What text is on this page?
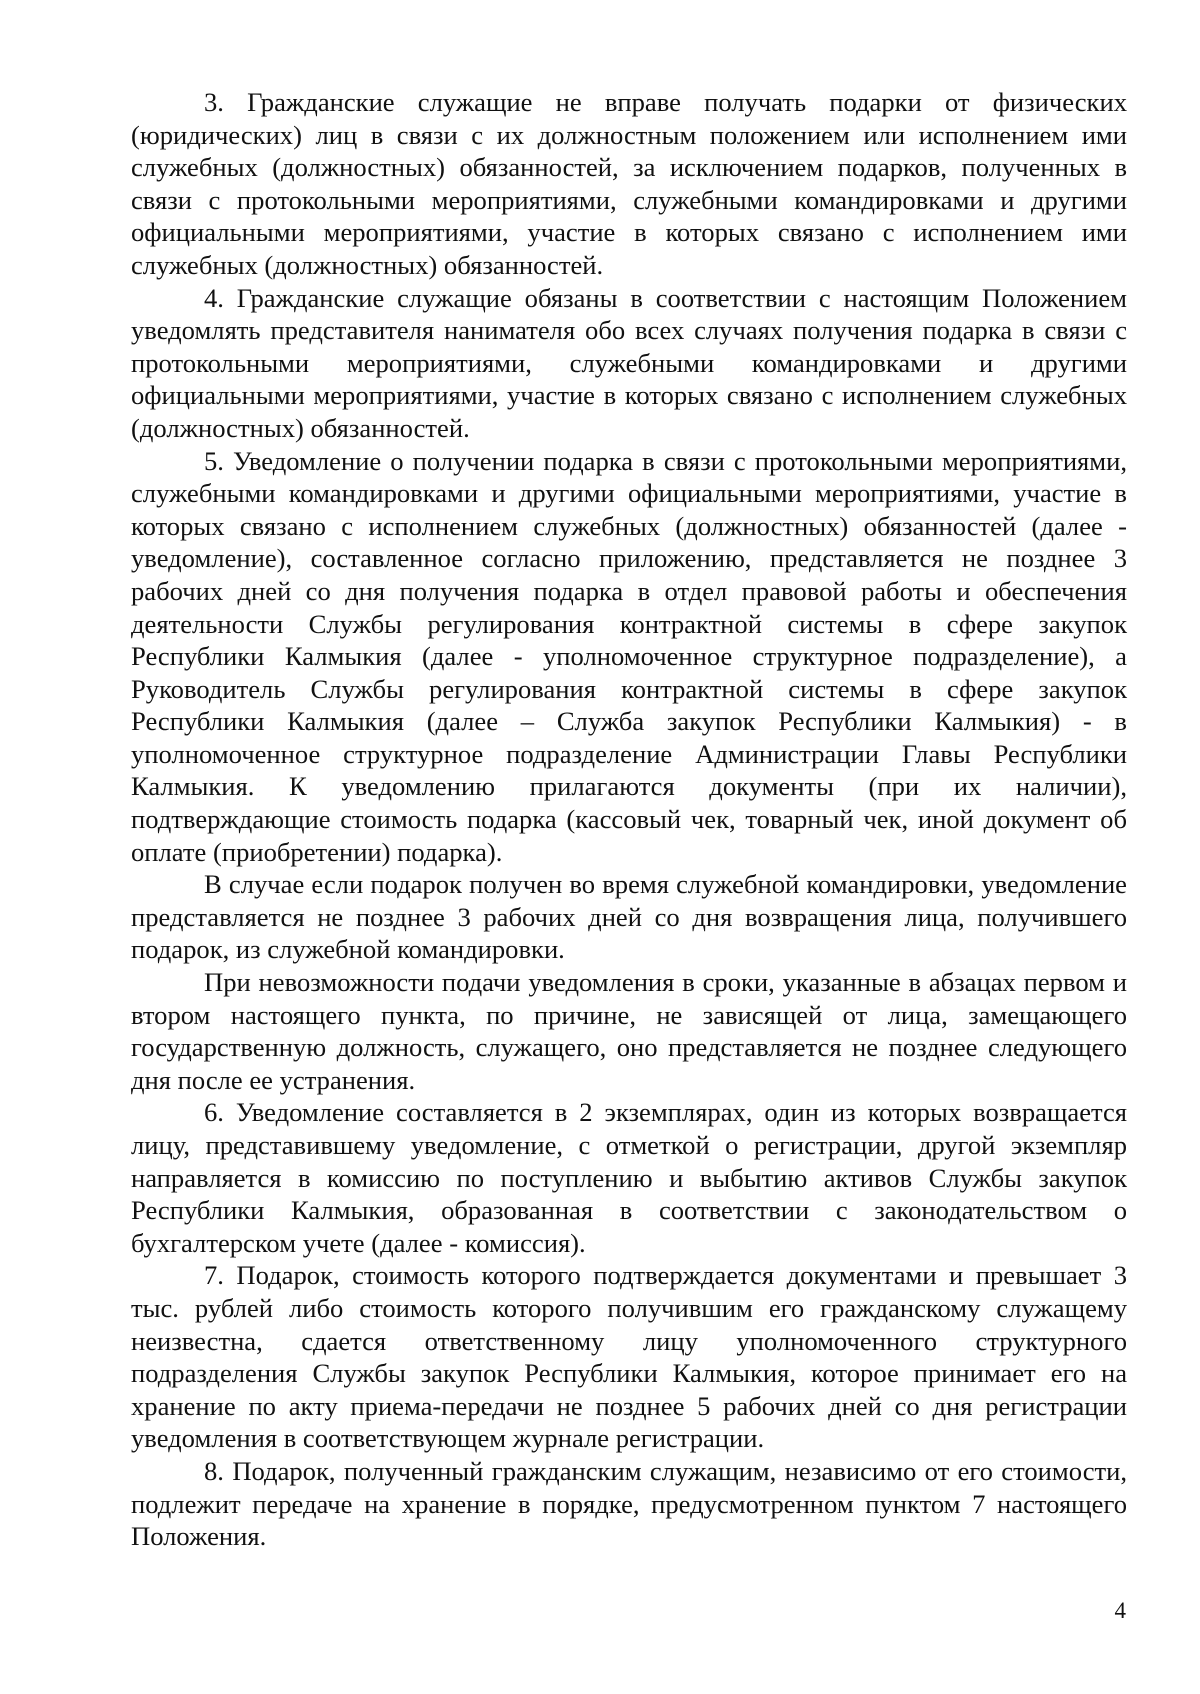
3. Гражданские служащие не вправе получать подарки от физических (юридических) лиц в связи с их должностным положением или исполнением ими служебных (должностных) обязанностей, за исключением подарков, полученных в связи с протокольными мероприятиями, служебными командировками и другими официальными мероприятиями, участие в которых связано с исполнением ими служебных (должностных) обязанностей.

4. Гражданские служащие обязаны в соответствии с настоящим Положением уведомлять представителя нанимателя обо всех случаях получения подарка в связи с протокольными мероприятиями, служебными командировками и другими официальными мероприятиями, участие в которых связано с исполнением служебных (должностных) обязанностей.

5. Уведомление о получении подарка в связи с протокольными мероприятиями, служебными командировками и другими официальными мероприятиями, участие в которых связано с исполнением служебных (должностных) обязанностей (далее - уведомление), составленное согласно приложению, представляется не позднее 3 рабочих дней со дня получения подарка в отдел правовой работы и обеспечения деятельности Службы регулирования контрактной системы в сфере закупок Республики Калмыкия (далее - уполномоченное структурное подразделение), а Руководитель Службы регулирования контрактной системы в сфере закупок Республики Калмыкия (далее – Служба закупок Республики Калмыкия) - в уполномоченное структурное подразделение Администрации Главы Республики Калмыкия. К уведомлению прилагаются документы (при их наличии), подтверждающие стоимость подарка (кассовый чек, товарный чек, иной документ об оплате (приобретении) подарка).

В случае если подарок получен во время служебной командировки, уведомление представляется не позднее 3 рабочих дней со дня возвращения лица, получившего подарок, из служебной командировки.

При невозможности подачи уведомления в сроки, указанные в абзацах первом и втором настоящего пункта, по причине, не зависящей от лица, замещающего государственную должность, служащего, оно представляется не позднее следующего дня после ее устранения.

6. Уведомление составляется в 2 экземплярах, один из которых возвращается лицу, представившему уведомление, с отметкой о регистрации, другой экземпляр направляется в комиссию по поступлению и выбытию активов Службы закупок Республики Калмыкия, образованная в соответствии с законодательством о бухгалтерском учете (далее - комиссия).

7. Подарок, стоимость которого подтверждается документами и превышает 3 тыс. рублей либо стоимость которого получившим его гражданскому служащему неизвестна, сдается ответственному лицу уполномоченного структурного подразделения Службы закупок Республики Калмыкия, которое принимает его на хранение по акту приема-передачи не позднее 5 рабочих дней со дня регистрации уведомления в соответствующем журнале регистрации.

8. Подарок, полученный гражданским служащим, независимо от его стоимости, подлежит передаче на хранение в порядке, предусмотренном пунктом 7 настоящего Положения.

4
